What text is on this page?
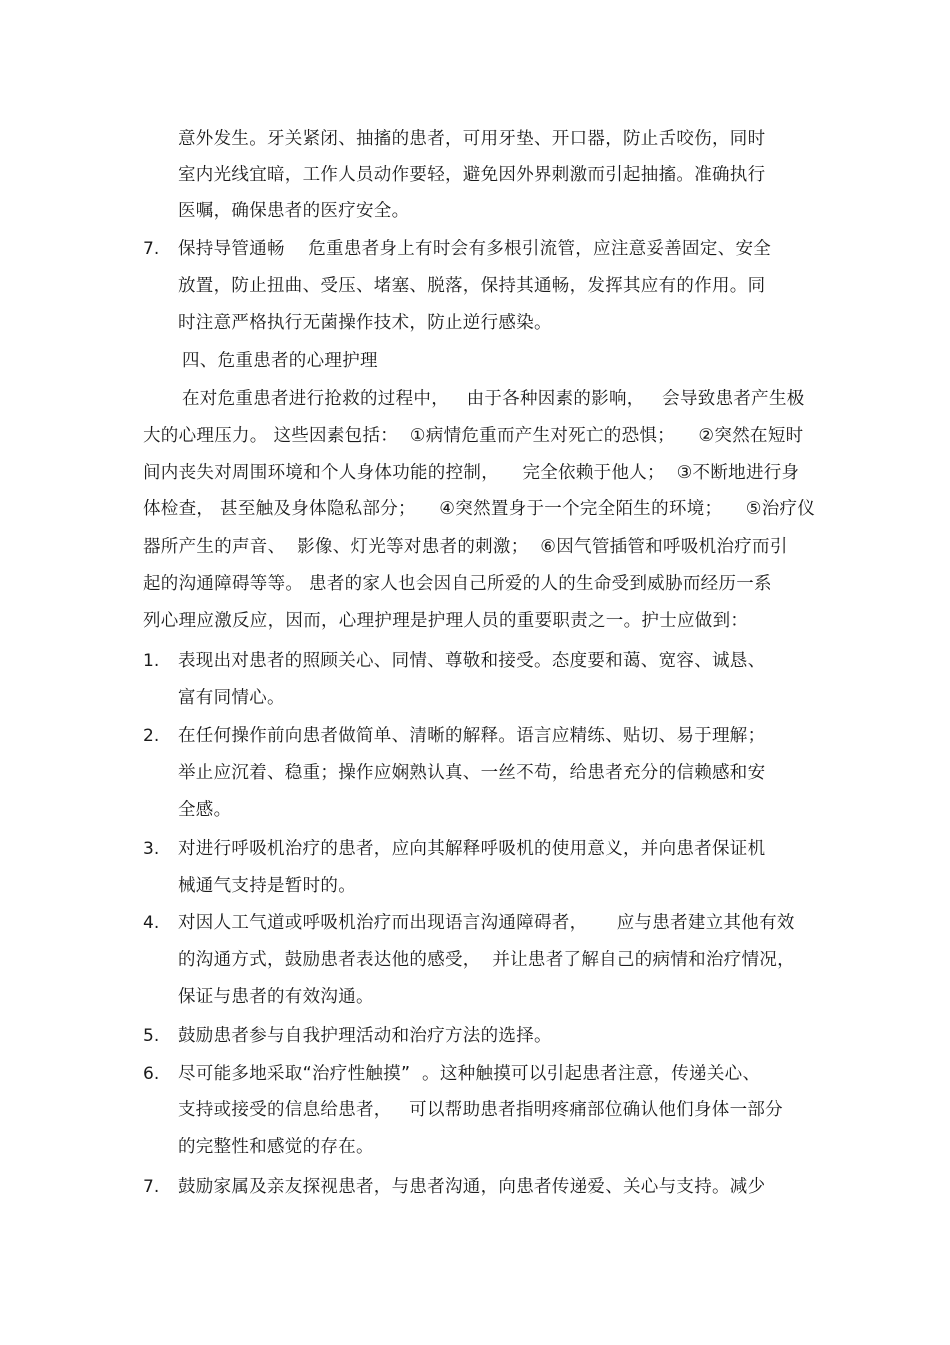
意外发生。牙关紧闭、抽搐的患者，可用牙垫、开口器，防止舌咬伤，同时
室内光线宜暗，工作人员动作要轻，避免因外界刺激而引起抽搐。准确执行
医嘱，确保患者的医疗安全。
7. 保持导管通畅    危重患者身上有时会有多根引流管，应注意妥善固定、安全
放置，防止扭曲、受压、堵塞、脱落，保持其通畅，发挥其应有的作用。同
时注意严格执行无菌操作技术，防止逆行感染。
四、危重患者的心理护理
在对危重患者进行抢救的过程中，   由于各种因素的影响，   会导致患者产生极
大的心理压力。 这些因素包括：  ①病情危重而产生对死亡的恐惧；    ②突然在短时
间内丧失对周围环境和个人身体功能的控制，    完全依赖于他人；  ③不断地进行身
体检查， 甚至触及身体隐私部分；    ④突然置身于一个完全陌生的环境；    ⑤治疗仪
器所产生的声音、  影像、灯光等对患者的刺激；  ⑥因气管插管和呼吸机治疗而引
起的沟通障碍等等。 患者的家人也会因自己所爱的人的生命受到威胁而经历一系
列心理应激反应，因而，心理护理是护理人员的重要职责之一。护士应做到：
1. 表现出对患者的照顾关心、同情、尊敬和接受。态度要和蔼、宽容、诚恳、
富有同情心。
2. 在任何操作前向患者做简单、清晰的解释。语言应精练、贴切、易于理解；
举止应沉着、稳重；操作应娴熟认真、一丝不苟，给患者充分的信赖感和安
全感。
3. 对进行呼吸机治疗的患者，应向其解释呼吸机的使用意义，并向患者保证机
械通气支持是暂时的。
4. 对因人工气道或呼吸机治疗而出现语言沟通障碍者，     应与患者建立其他有效
的沟通方式，鼓励患者表达他的感受，  并让患者了解自己的病情和治疗情况，
保证与患者的有效沟通。
5. 鼓励患者参与自我护理活动和治疗方法的选择。
6. 尽可能多地采取“治疗性触摸”  。这种触摸可以引起患者注意，传递关心、
支持或接受的信息给患者，   可以帮助患者指明疼痛部位确认他们身体一部分
的完整性和感觉的存在。
7. 鼓励家属及亲友探视患者，与患者沟通，向患者传递爱、关心与支持。减少
